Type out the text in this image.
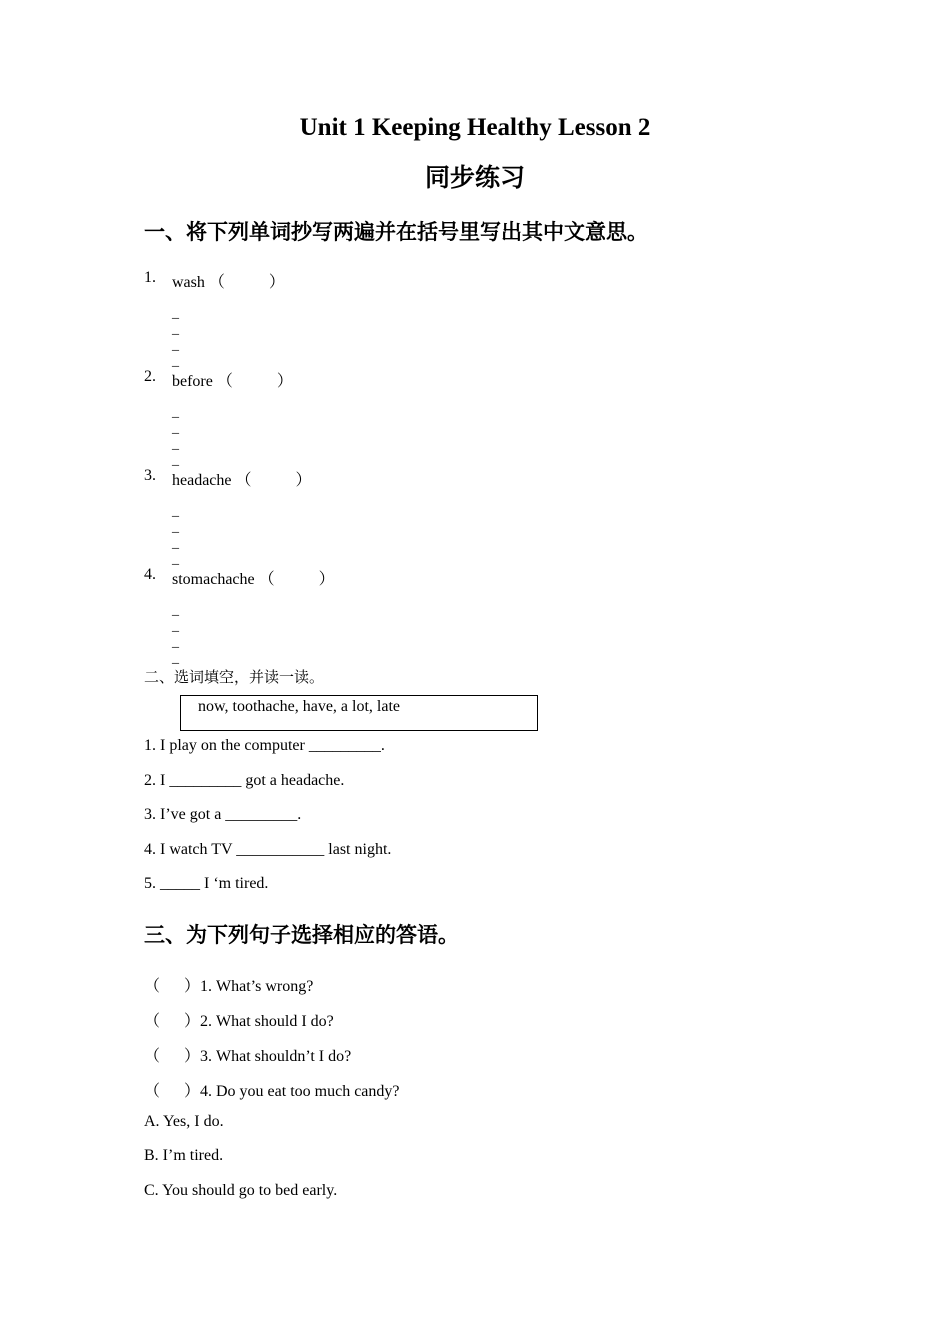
Unit 1 Keeping Healthy Lesson 2
同步练习
一、将下列单词抄写两遍并在括号里写出其中文意思。
1. wash （           ）
_
_
_
_
2. before （           ）
_
_
_
_
3. headache （           ）
_
_
_
_
4. stomachache （           ）
_
_
_
_
二、选词填空，并读一读。
now, toothache, have, a lot, late
1. I play on the computer _________.
2. I _________ got a headache.
3. I’ve got a _________.
4. I watch TV ___________ last night.
5. _____ I ‘m tired.
三、为下列句子选择相应的答语。
（      ）1. What’s wrong?
（      ）2. What should I do?
（      ）3. What shouldn’t I do?
（      ）4. Do you eat too much candy?
A. Yes, I do.
B. I’m tired.
C. You should go to bed early.
